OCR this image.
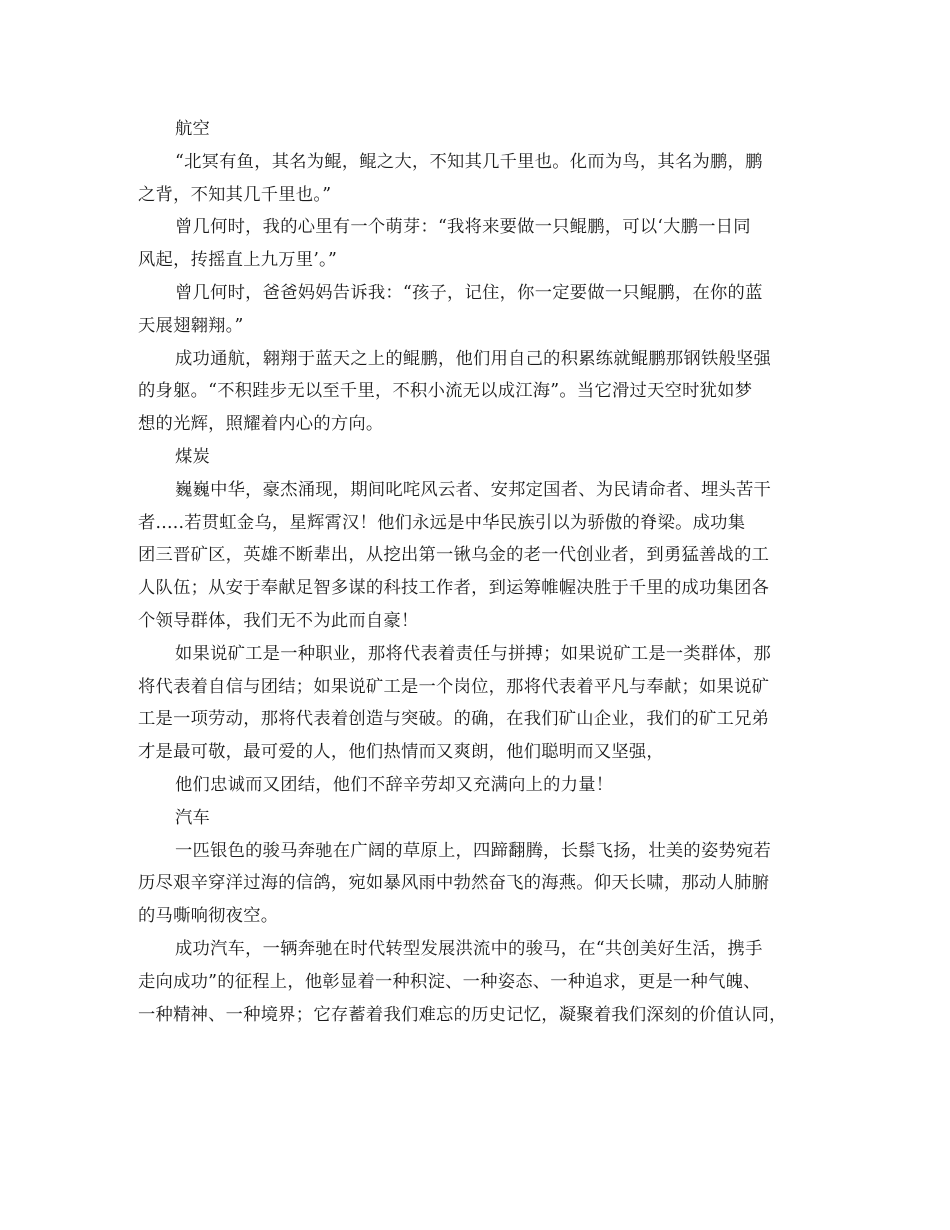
航空
“北冥有鱼，其名为鲲，鲲之大，不知其几千里也。化而为鸟，其名为鹏，鹏
之背，不知其几千里也。”
曾几何时，我的心里有一个萌芽：“我将来要做一只鲲鹏，可以‘大鹏一日同
风起，抟摇直上九万里’。”
曾几何时，爸爸妈妈告诉我：“孩子，记住，你一定要做一只鲲鹏，在你的蓝
天展翅翱翔。”
成功通航，翱翔于蓝天之上的鲲鹏，他们用自己的积累练就鲲鹏那钢铁般坚强
的身躯。“不积跬步无以至千里，不积小流无以成江海”。当它滑过天空时犹如梦
想的光辉，照耀着内心的方向。
煤炭
巍巍中华，豪杰涌现，期间叱咤风云者、安邦定国者、为民请命者、埋头苦干
者.....若贯虹金乌，星辉霄汉！他们永远是中华民族引以为骄傲的脊梁。成功集
团三晋矿区，英雄不断辈出，从挖出第一锹乌金的老一代创业者，到勇猛善战的工
人队伍；从安于奉献足智多谋的科技工作者，到运筹帷幄决胜于千里的成功集团各
个领导群体，我们无不为此而自豪！
如果说矿工是一种职业，那将代表着责任与拼搏；如果说矿工是一类群体，那
将代表着自信与团结；如果说矿工是一个岗位，那将代表着平凡与奉献；如果说矿
工是一项劳动，那将代表着创造与突破。的确，在我们矿山企业，我们的矿工兄弟
才是最可敬，最可爱的人，他们热情而又爽朗，他们聪明而又坚强，
他们忠诚而又团结，他们不辞辛劳却又充满向上的力量！
汽车
一匹银色的骏马奔驰在广阔的草原上，四蹄翻腾，长鬃飞扬，壮美的姿势宛若
历尽艰辛穿洋过海的信鸽，宛如暴风雨中勃然奋飞的海燕。仰天长啸，那动人肺腑
的马嘶响彻夜空。
成功汽车，一辆奔驰在时代转型发展洪流中的骏马，在“共创美好生活，携手
走向成功”的征程上，他彰显着一种积淀、一种姿态、一种追求，更是一种气魄、
一种精神、一种境界；它存蓄着我们难忘的历史记忆，凝聚着我们深刻的价值认同，
